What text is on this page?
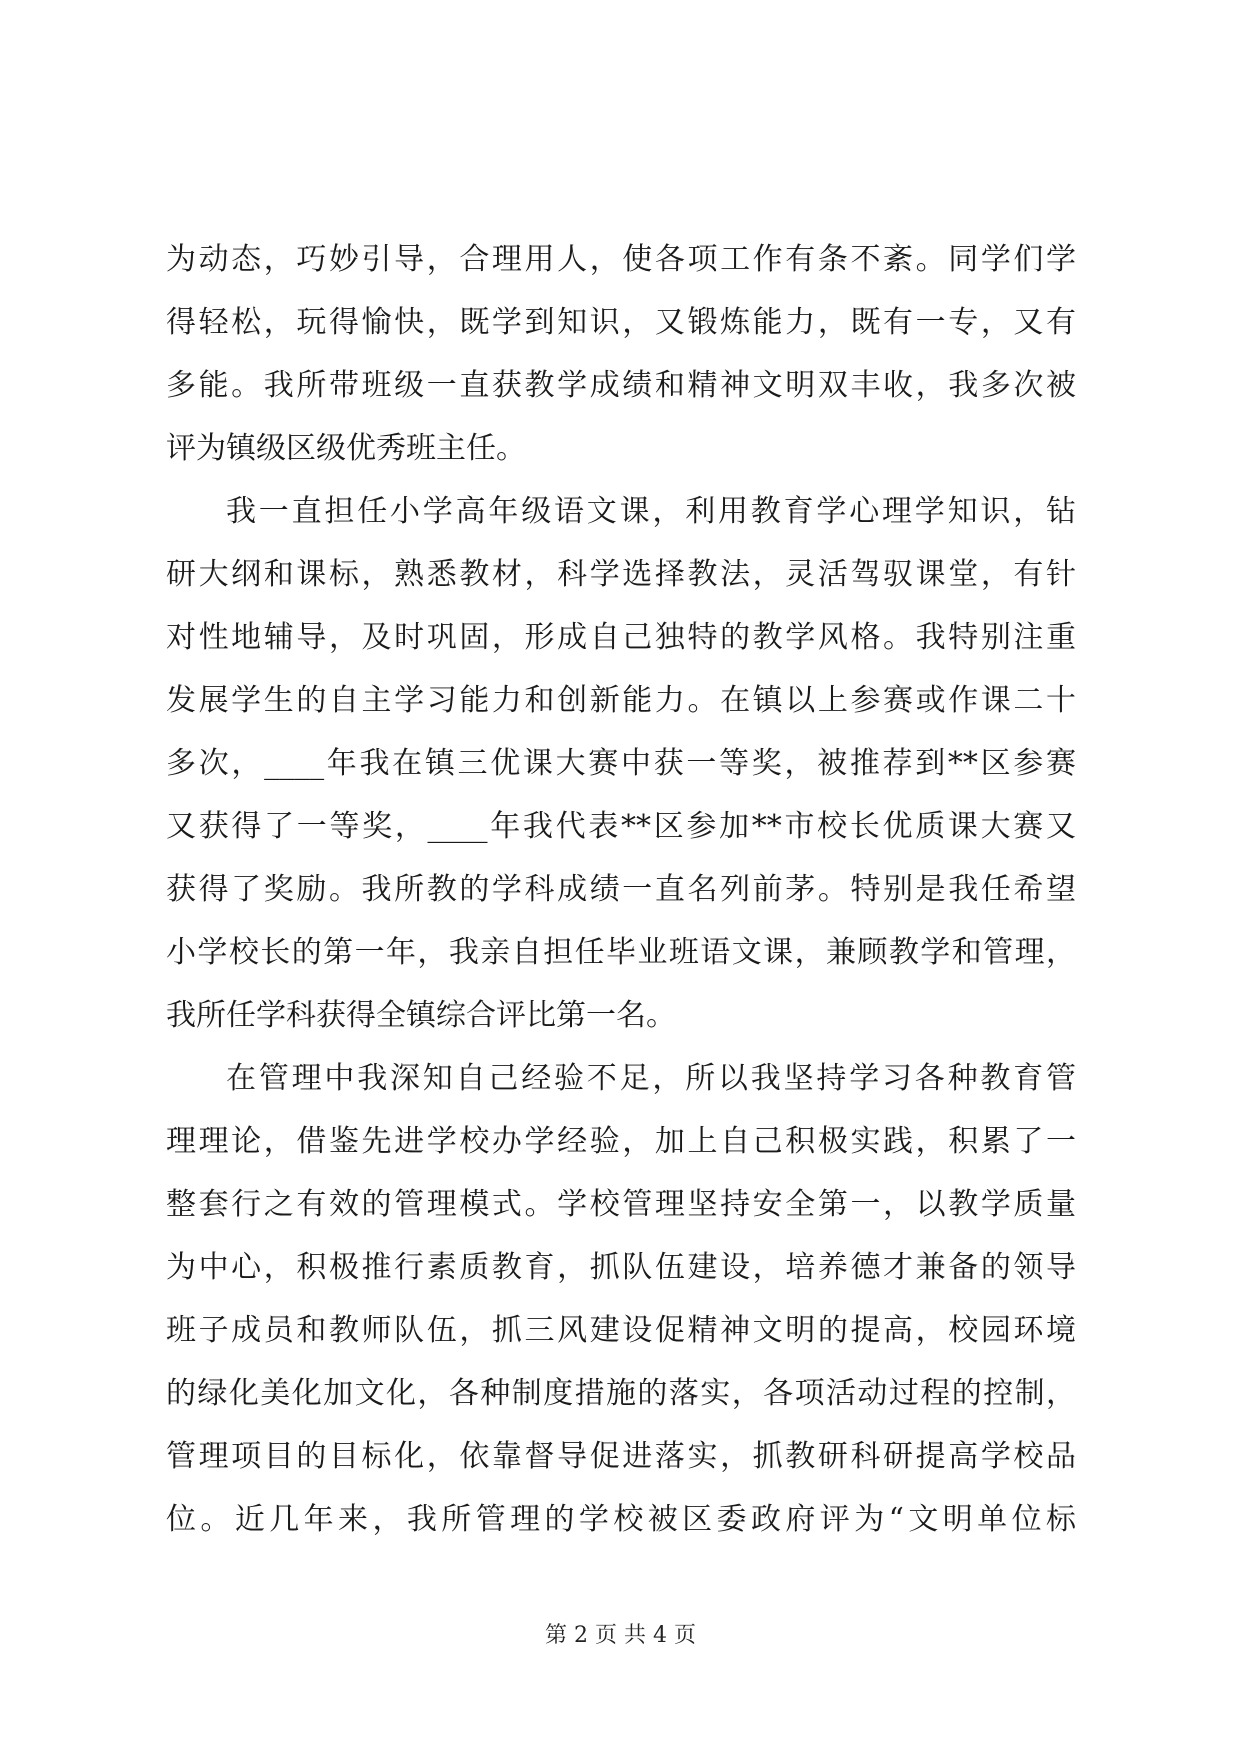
为动态，巧妙引导，合理用人，使各项工作有条不紊。同学们学
得轻松，玩得愉快，既学到知识，又锻炼能力，既有一专，又有
多能。我所带班级一直获教学成绩和精神文明双丰收，我多次被
评为镇级区级优秀班主任。
我一直担任小学高年级语文课，利用教育学心理学知识，钻
研大纲和课标，熟悉教材，科学选择教法，灵活驾驭课堂，有针
对性地辅导，及时巩固，形成自己独特的教学风格。我特别注重
发展学生的自主学习能力和创新能力。在镇以上参赛或作课二十
多次，____年我在镇三优课大赛中获一等奖，被推荐到**区参赛
又获得了一等奖，____年我代表**区参加**市校长优质课大赛又
获得了奖励。我所教的学科成绩一直名列前茅。特别是我任希望
小学校长的第一年，我亲自担任毕业班语文课，兼顾教学和管理，
我所任学科获得全镇综合评比第一名。
在管理中我深知自己经验不足，所以我坚持学习各种教育管
理理论，借鉴先进学校办学经验，加上自己积极实践，积累了一
整套行之有效的管理模式。学校管理坚持安全第一，以教学质量
为中心，积极推行素质教育，抓队伍建设，培养德才兼备的领导
班子成员和教师队伍，抓三风建设促精神文明的提高，校园环境
的绿化美化加文化，各种制度措施的落实，各项活动过程的控制，
管理项目的目标化，依靠督导促进落实，抓教研科研提高学校品
位。近几年来，我所管理的学校被区委政府评为“文明单位标
第 2 页 共 4 页
